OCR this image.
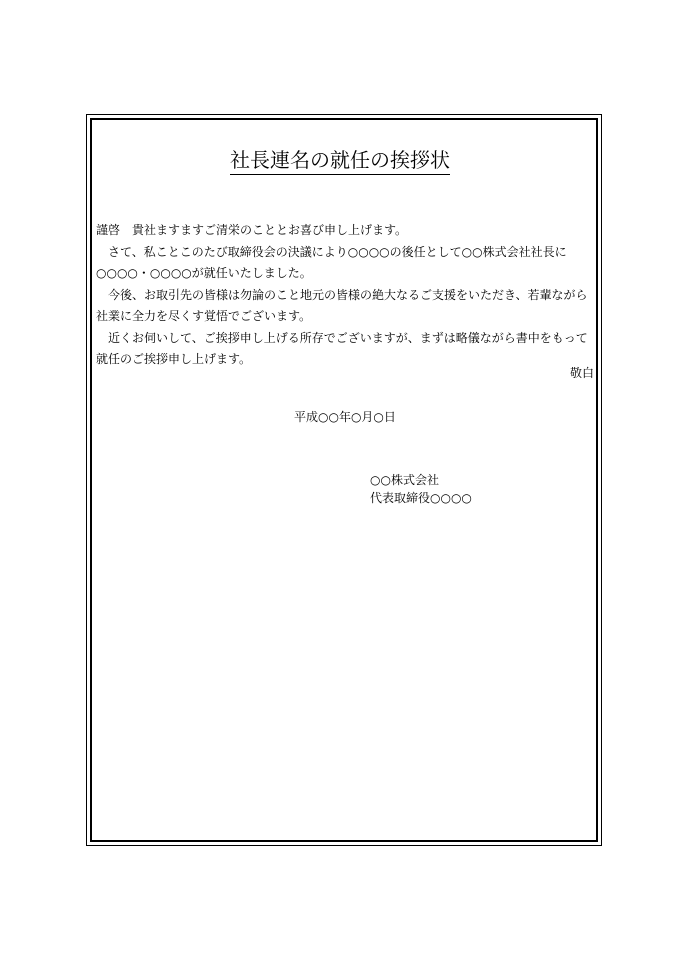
社長連名の就任の挨拶状

謹啓　貴社ますますご清栄のこととお喜び申し上げます。

　さて、私ことこのたび取締役会の決議により○○○○の後任として○○株式会社社長に○○○○・○○○○が就任いたしました。

　今後、お取引先の皆様は勿論のこと地元の皆様の絶大なるご支援をいただき、若輩ながら社業に全力を尽くす覚悟でございます。

　近くお伺いして、ご挨拶申し上げる所存でございますが、まずは略儀ながら書中をもって就任のご挨拶申し上げます。

敬白
平成○○年○月○日
○○株式会社
代表取締役○○○○
